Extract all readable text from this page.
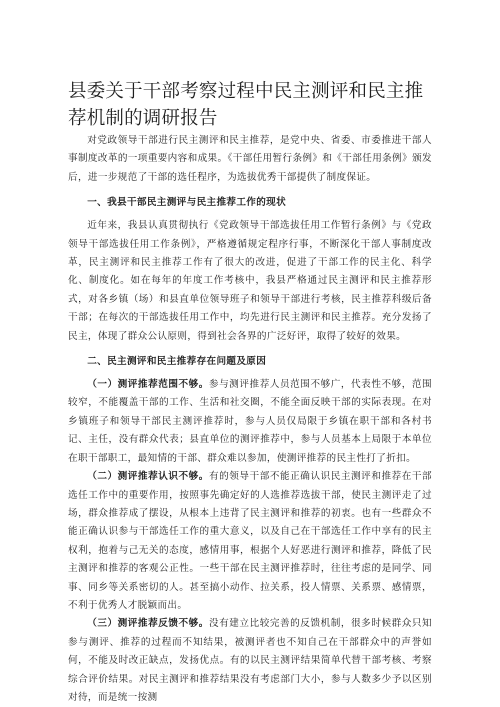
县委关于干部考察过程中民主测评和民主推荐机制的调研报告

对党政领导干部进行民主测评和民主推荐，是党中央、省委、市委推进干部人事制度改革的一项重要内容和成果。《干部任用暂行条例》和《干部任用条例》颁发后，进一步规范了干部的选任程序，为选拔优秀干部提供了制度保证。

一、我县干部民主测评与民主推荐工作的现状

近年来，我县认真贯彻执行《党政领导干部选拔任用工作暂行条例》与《党政领导干部选拔任用工作条例》，严格遵循规定程序行事，不断深化干部人事制度改革，民主测评和民主推荐工作有了很大的改进，促进了干部工作的民主化、科学化、制度化。如在每年的年度工作考核中，我县严格通过民主测评和民主推荐形式，对各乡镇（场）和县直单位领导班子和领导干部进行考核，民主推荐科级后备干部；在每次的干部选拔任用工作中，均先进行民主测评和民主推荐。充分发扬了民主，体现了群众公认原则，得到社会各界的广泛好评，取得了较好的效果。

二、民主测评和民主推荐存在问题及原因

（一）测评推荐范围不够。参与测评推荐人员范围不够广，代表性不够，范围较窄，不能覆盖干部的工作、生活和社交圈，不能全面反映干部的实际表现。在对乡镇班子和领导干部民主测评推荐时，参与人员仅局限于乡镇在职干部和各村书记、主任，没有群众代表；县直单位的测评推荐中，参与人员基本上局限于本单位在职干部职工，最知情的干部、群众难以参加，使测评推荐的民主性打了折扣。

（二）测评推荐认识不够。有的领导干部不能正确认识民主测评和推荐在干部选任工作中的重要作用，按照事先确定好的人选推荐选拔干部，使民主测评走了过场，群众推荐成了摆设，从根本上违背了民主测评和推荐的初衷。也有一些群众不能正确认识参与干部选任工作的重大意义，以及自己在干部选任工作中享有的民主权利，抱着与己无关的态度，感情用事，根据个人好恶进行测评和推荐，降低了民主测评和推荐的客观公正性。一些干部在民主测评推荐时，往往考虑的是同学、同事、同乡等关系密切的人。甚至搞小动作、拉关系，投人情票、关系票、感情票，不利于优秀人才脱颖而出。

（三）测评推荐反馈不够。没有建立比较完善的反馈机制，很多时候群众只知参与测评、推荐的过程而不知结果，被测评者也不知自己在干部群众中的声誉如何，不能及时改正缺点，发扬优点。有的以民主测评结果简单代替干部考核、考察综合评价结果。对民主测评和推荐结果没有考虑部门大小，参与人数多少予以区别对待，而是统一按测
